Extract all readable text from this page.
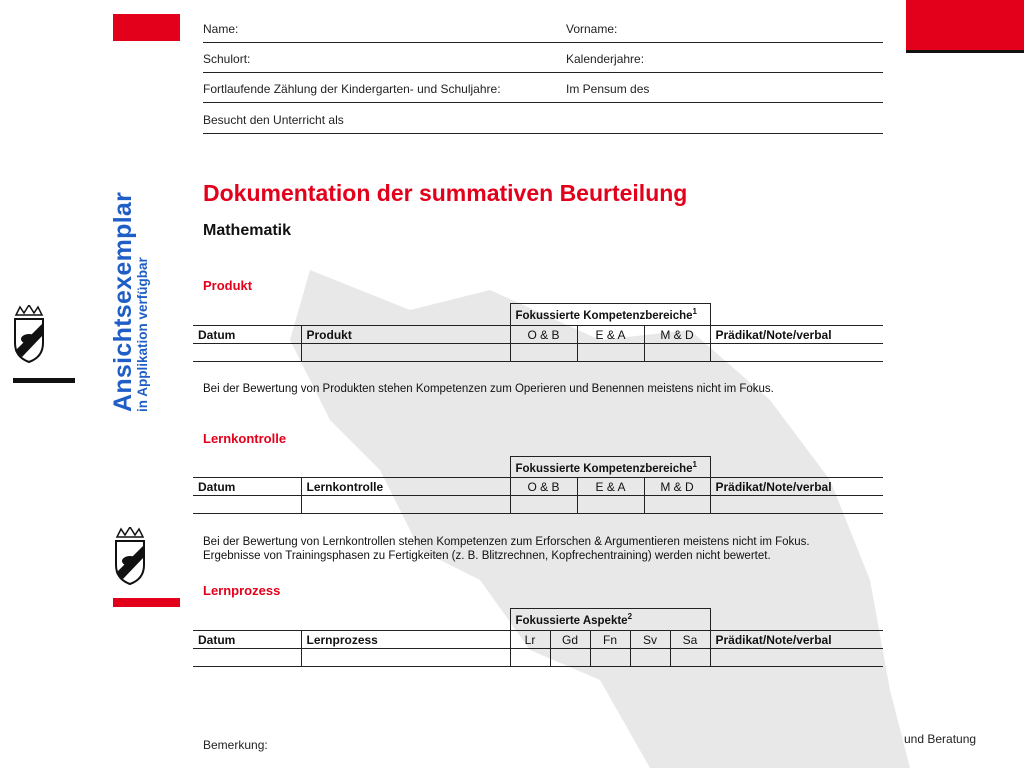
Name:	Vorname:
Schulort:	Kalenderjahre:
Fortlaufende Zählung der Kindergarten- und Schuljahre:	Im Pensum des
Besucht den Unterricht als
Ansichtsexemplar
in Applikation verfügbar
Dokumentation der summativen Beurteilung
Mathematik
Produkt
		Fokussierte Kompetenzbereiche$^1$	
Datum	Produkt	O & B	E & A	M & D	Prädikat/Note/verbal

Bei der Bewertung von Produkten stehen Kompetenzen zum Operieren und Benennen meistens nicht im Fokus.
Lernkontrolle
		Fokussierte Kompetenzbereiche$^1$	
Datum	Lernkontrolle	O & B	E & A	M & D	Prädikat/Note/verbal

Bei der Bewertung von Lernkontrollen stehen Kompetenzen zum Erforschen & Argumentieren meistens nicht im Fokus.
Ergebnisse von Trainingsphasen zu Fertigkeiten (z. B. Blitzrechnen, Kopfrechentraining) werden nicht bewertet.
Lernprozess
		Fokussierte Aspekte$^2$	
Datum	Lernprozess	Lr	Gd	Fn	Sv	Sa	Prädikat/Note/verbal

Bemerkung:	und Beratung
